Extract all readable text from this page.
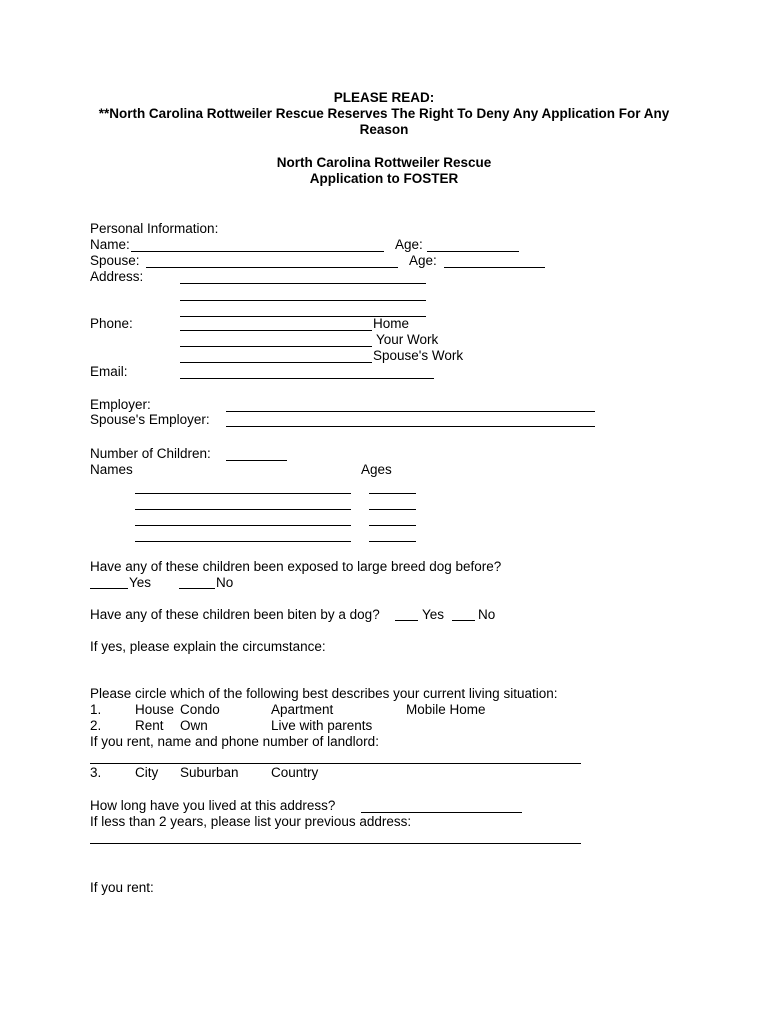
PLEASE READ:
**North Carolina Rottweiler Rescue Reserves The Right To Deny Any Application For Any
Reason
North Carolina Rottweiler Rescue
Application to FOSTER
Personal Information:
Name:	Age:
Spouse:	Age:
Address:
Phone:	Home
Your Work
Spouse's Work
Email:
Employer:
Spouse's Employer:
Number of Children:
Names	Ages
Have any of these children been exposed to large breed dog before?
Yes	No
Have any of these children been biten by a dog?	Yes	No
If yes, please explain the circumstance:
Please circle which of the following best describes your current living situation:
1. House Condo	Apartment	Mobile Home
2. Rent Own	Live with parents
If you rent, name and phone number of landlord:
3. City Suburban Country
How long have you lived at this address?
If less than 2 years, please list your previous address:
If you rent:
